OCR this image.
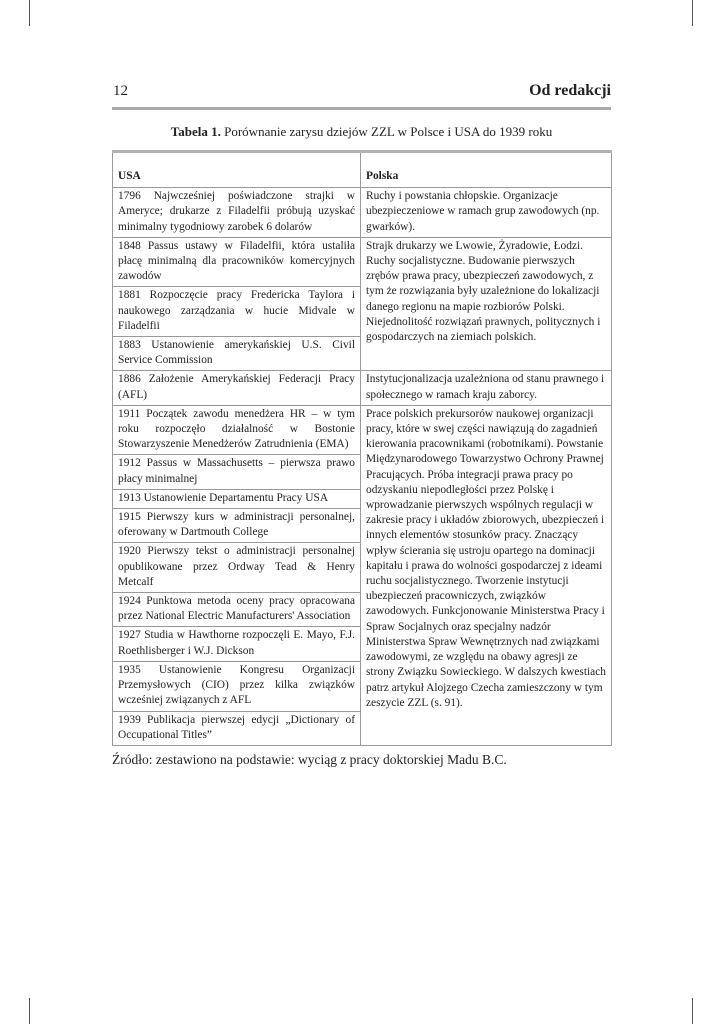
12	Od redakcji
Tabela 1. Porównanie zarysu dziejów ZZL w Polsce i USA do 1939 roku
USA	Polska
1796 Najwcześniej poświadczone strajki w Ameryce; drukarze z Filadelfii próbują uzyskać minimalny tygodniowy zarobek 6 dolarów	Ruchy i powstania chłopskie. Organizacje ubezpieczeniowe w ramach grup zawodowych (np. gwarków).
1848 Passus ustawy w Filadelfii, która ustaliła płacę minimalną dla pracowników komercyjnych zawodów	Strajk drukarzy we Lwowie, Żyradowie, Łodzi. Ruchy socjalistyczne. Budowanie pierwszych zrębów prawa pracy, ubezpieczeń zawodowych, z tym że rozwiązania były uzależnione do lokalizacji danego regionu na mapie rozbiorów Polski. Niejednolitość rozwiązań prawnych, politycznych i gospodarczych na ziemiach polskich.
1881 Rozpoczęcie pracy Fredericka Taylora i naukowego zarządzania w hucie Midvale w Filadelfii	
1883 Ustanowienie amerykańskiej U.S. Civil Service Commission	
1886 Założenie Amerykańskiej Federacji Pracy (AFL)	Instytucjonalizacja uzależniona od stanu prawnego i społecznego w ramach kraju zaborcy.
1911 Początek zawodu menedżera HR – w tym roku rozpoczęło działalność w Bostonie Stowarzyszenie Menedżerów Zatrudnienia (EMA)	Prace polskich prekursorów naukowej organizacji pracy, które w swej części nawiązują do zagadnień kierowania pracownikami (robotnikami). Powstanie Międzynarodowego Towarzystwo Ochrony Prawnej Pracujących. Próba integracji prawa pracy po odzyskaniu niepodległości przez Polskę i wprowadzanie pierwszych wspólnych regulacji w zakresie pracy i układów zbiorowych, ubezpieczeń i innych elementów stosunków pracy. Znaczący wpływ ścierania się ustroju opartego na dominacji kapitału i prawa do wolności gospodarczej z ideami ruchu socjalistycznego. Tworzenie instytucji ubezpieczeń pracowniczych, związków zawodowych. Funkcjonowanie Ministerstwa Pracy i Spraw Socjalnych oraz specjalny nadzór Ministerstwa Spraw Wewnętrznych nad związkami zawodowymi, ze względu na obawy agresji ze strony Związku Sowieckiego. W dalszych kwestiach patrz artykuł Alojzego Czecha zamieszczony w tym zeszycie ZZL (s. 91).
1912 Passus w Massachusetts – pierwsza prawo płacy minimalnej	
1913 Ustanowienie Departamentu Pracy USA	
1915 Pierwszy kurs w administracji personalnej, oferowany w Dartmouth College	
1920 Pierwszy tekst o administracji personalnej opublikowane przez Ordway Tead & Henry Metcalf	
1924 Punktowa metoda oceny pracy opracowana przez National Electric Manufacturers' Association	
1927 Studia w Hawthorne rozpoczęli E. Mayo, F.J. Roethlisberger i W.J. Dickson	
1935 Ustanowienie Kongresu Organizacji Przemysłowych (CIO) przez kilka związków wcześniej związanych z AFL	
1939 Publikacja pierwszej edycji „Dictionary of Occupational Titles”	
Źródło: zestawiono na podstawie: wyciąg z pracy doktorskiej Madu B.C.
